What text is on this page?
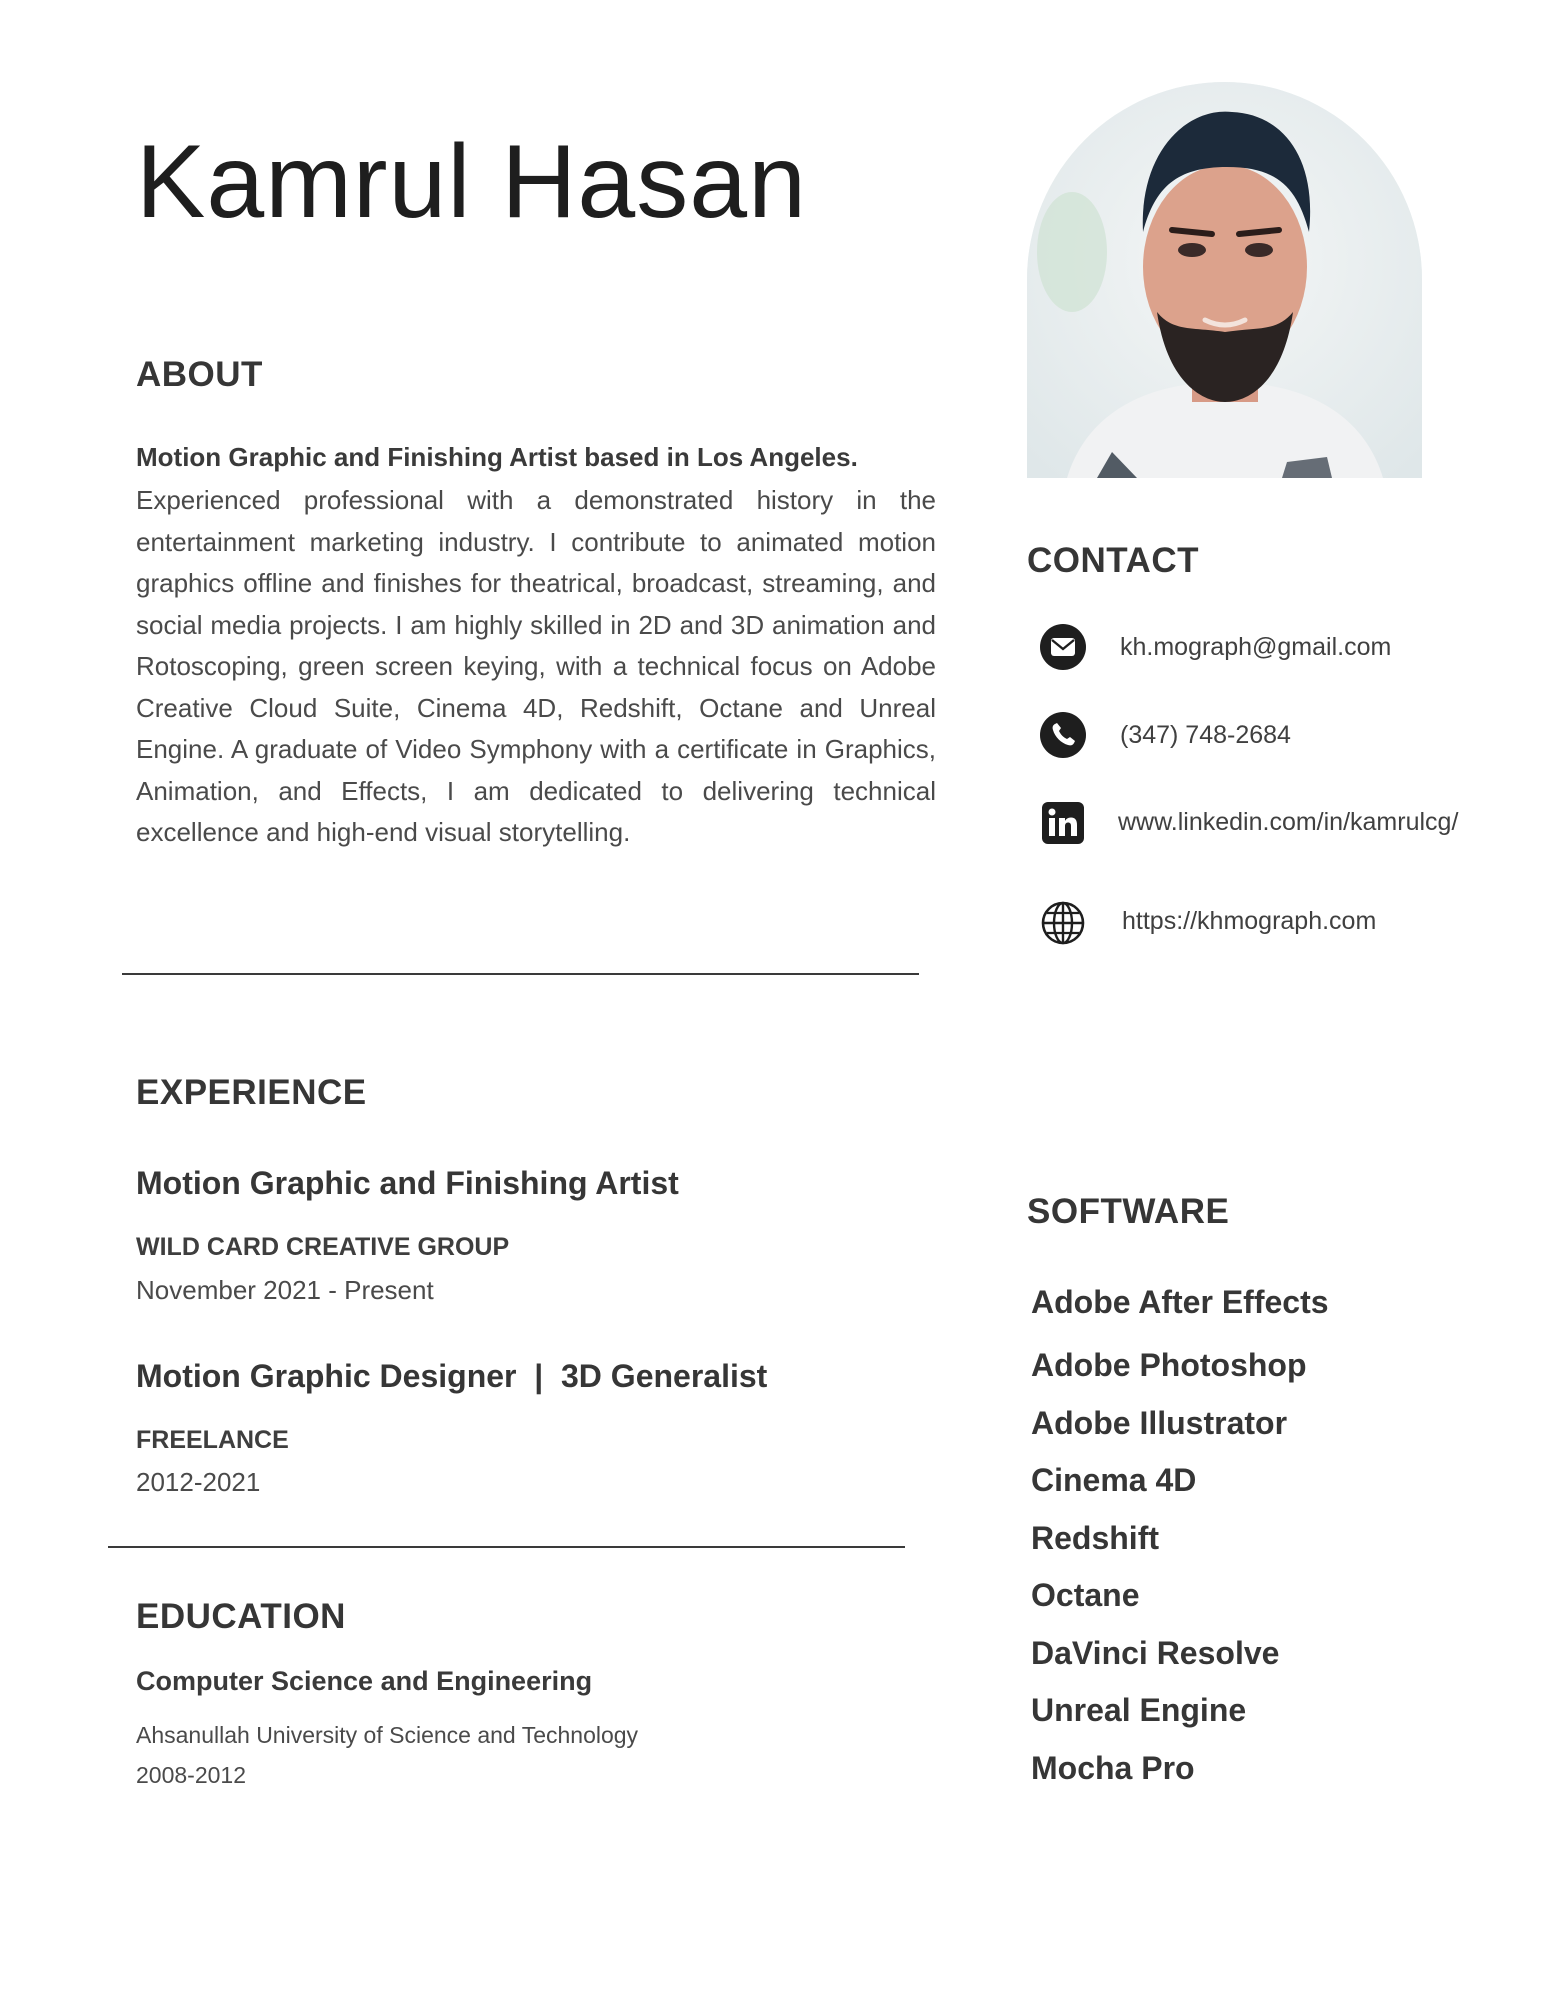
Kamrul Hasan
ABOUT
Motion Graphic and Finishing Artist based in Los Angeles.
Experienced professional with a demonstrated history in the entertainment marketing industry. I contribute to animated motion graphics offline and finishes for theatrical, broadcast, streaming, and social media projects. I am highly skilled in 2D and 3D animation and Rotoscoping, green screen keying, with a technical focus on Adobe Creative Cloud Suite, Cinema 4D, Redshift, Octane and Unreal Engine. A graduate of Video Symphony with a certificate in Graphics, Animation, and Effects, I am dedicated to delivering technical excellence and high-end visual storytelling.
EXPERIENCE
Motion Graphic and Finishing Artist
WILD CARD CREATIVE GROUP
November 2021 - Present
Motion Graphic Designer  |  3D Generalist
FREELANCE
2012-2021
EDUCATION
Computer Science and Engineering
Ahsanullah University of Science and Technology
2008-2012
CONTACT
kh.mograph@gmail.com
(347) 748-2684
www.linkedin.com/in/kamrulcg/
https://khmograph.com
SOFTWARE
Adobe After Effects
Adobe Photoshop
Adobe Illustrator
Cinema 4D
Redshift
Octane
DaVinci Resolve
Unreal Engine
Mocha Pro
